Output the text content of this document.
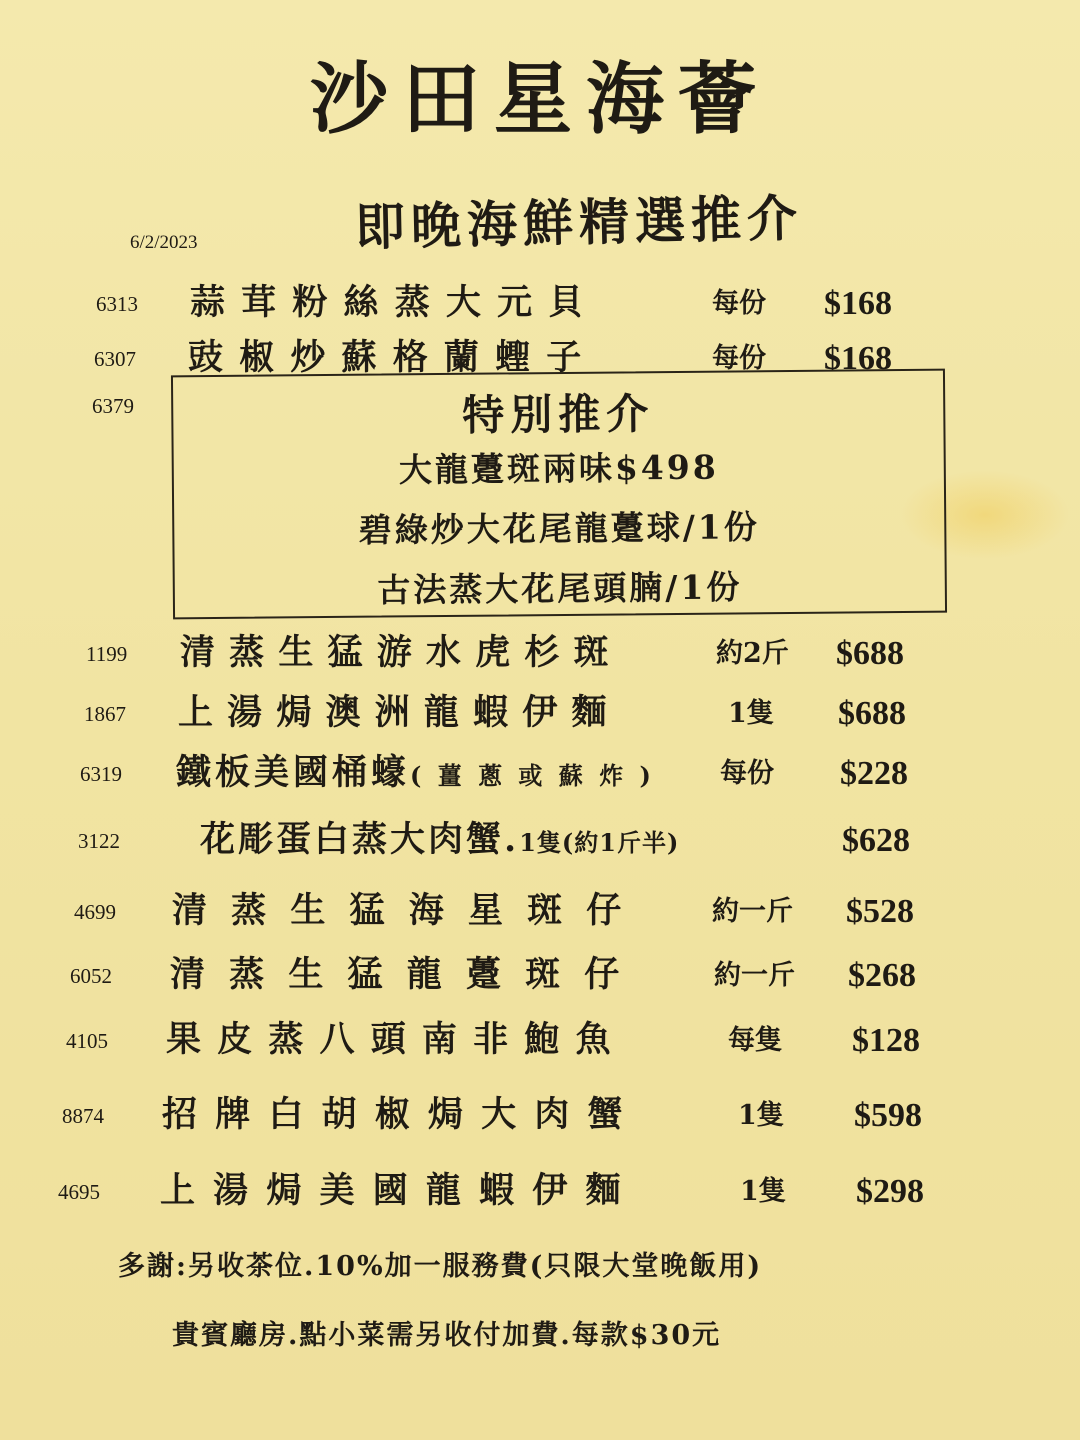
沙田星海薈
6/2/2023	即晚海鮮精選推介
6313 蒜 茸 粉 絲 蒸 大 元 貝	每份 $168
6307 豉 椒 炒 蘇 格 蘭 蟶 子	每份 $168
6379	特別推介
大龍躉斑兩味$498
碧綠炒大花尾龍躉球/1份
古法蒸大花尾頭腩/1份
1199 清 蒸 生 猛 游 水 虎 杉 斑	約2斤 $688
1867 上 湯 焗 澳 洲 龍 蝦 伊 麵	1隻 $688
6319 鐵板美國桶蠔( 薑 蔥 或 蘇 炸 ) 每份 $228
3122 花彫蛋白蒸大肉蟹.1隻(約1斤半)	$628
4699 清 蒸 生 猛 海 星 斑 仔	約一斤 $528
6052 清 蒸 生 猛 龍 躉 斑 仔	約一斤 $268
4105 果 皮 蒸 八 頭 南 非 鮑 魚	每隻 $128
8874 招 牌 白 胡 椒 焗 大 肉 蟹	1隻 $598
4695 上 湯 焗 美 國 龍 蝦 伊 麵	1隻 $298
多謝:另收茶位.10%加一服務費(只限大堂晚飯用)
貴賓廳房.點小菜需另收付加費.每款$30元
